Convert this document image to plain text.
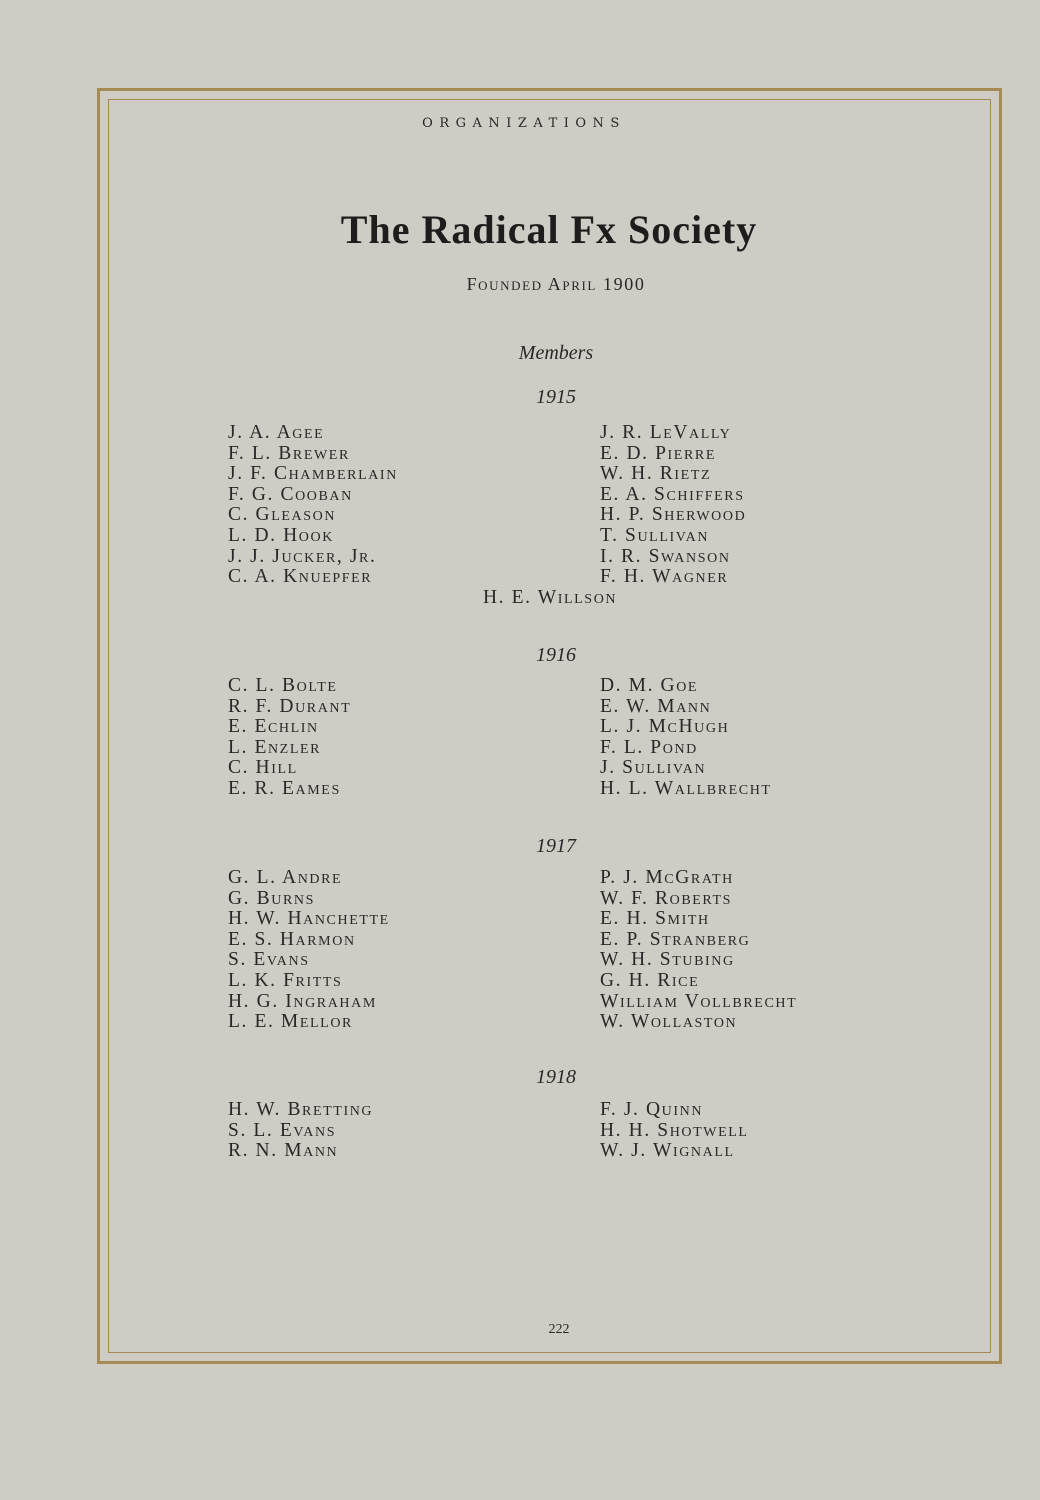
ORGANIZATIONS
The Radical Fx Society
Founded April 1900
Members
1915
J. A. Agee
F. L. Brewer
J. F. Chamberlain
F. G. Cooban
C. Gleason
L. D. Hook
J. J. Jucker, Jr.
C. A. Knuepfer
J. R. LeVally
E. D. Pierre
W. H. Rietz
E. A. Schiffers
H. P. Sherwood
T. Sullivan
I. R. Swanson
F. H. Wagner
H. E. Willson
1916
C. L. Bolte
R. F. Durant
E. Echlin
L. Enzler
C. Hill
E. R. Eames
D. M. Goe
E. W. Mann
L. J. McHugh
F. L. Pond
J. Sullivan
H. L. Wallbrecht
1917
G. L. Andre
G. Burns
H. W. Hanchette
E. S. Harmon
S. Evans
L. K. Fritts
H. G. Ingraham
L. E. Mellor
P. J. McGrath
W. F. Roberts
E. H. Smith
E. P. Stranberg
W. H. Stubing
G. H. Rice
William Vollbrecht
W. Wollaston
1918
H. W. Bretting
S. L. Evans
R. N. Mann
F. J. Quinn
H. H. Shotwell
W. J. Wignall
222
